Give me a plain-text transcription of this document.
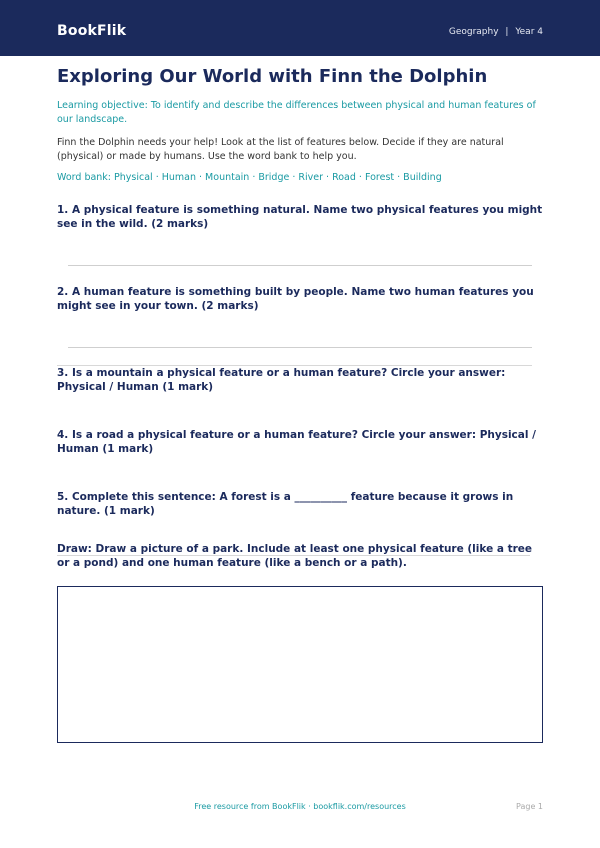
BookFlik	Geography | Year 4
Exploring Our World with Finn the Dolphin
Learning objective: To identify and describe the differences between physical and human features of our landscape.
Finn the Dolphin needs your help! Look at the list of features below. Decide if they are natural (physical) or made by humans. Use the word bank to help you.
Word bank: Physical · Human · Mountain · Bridge · River · Road · Forest · Building
1. A physical feature is something natural. Name two physical features you might see in the wild. (2 marks)
2. A human feature is something built by people. Name two human features you might see in your town. (2 marks)
3. Is a mountain a physical feature or a human feature? Circle your answer: Physical / Human (1 mark)
4. Is a road a physical feature or a human feature? Circle your answer: Physical / Human (1 mark)
5. Complete this sentence: A forest is a __________ feature because it grows in nature. (1 mark)
Draw: Draw a picture of a park. Include at least one physical feature (like a tree or a pond) and one human feature (like a bench or a path).
Free resource from BookFlik · bookflik.com/resources	Page 1
